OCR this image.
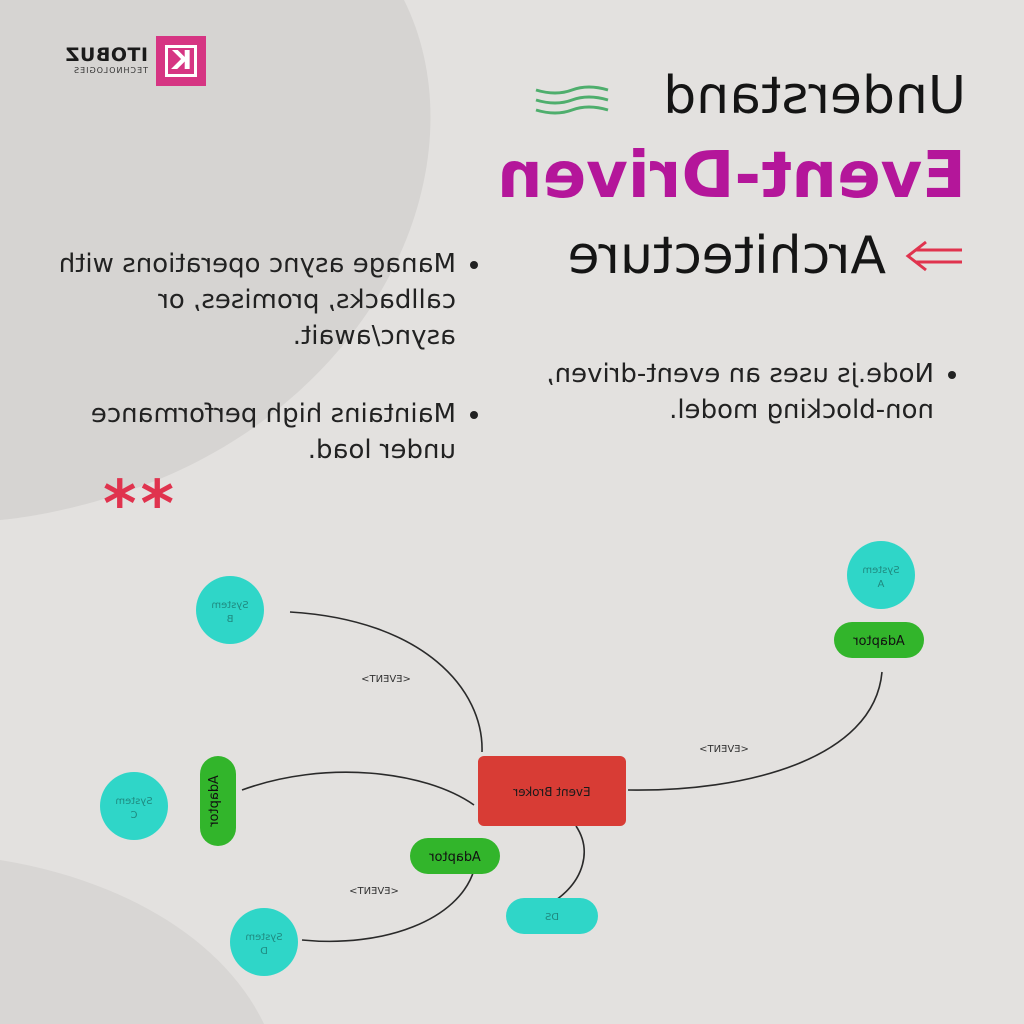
K
ITOBUZ
TECHNOLOGIES	Understand
Event-Driven
Architecture
• Manage async operations with callbacks, promises, or async/await.
• Node.js uses an event-driven, non-blocking model.
• Maintains high performance under load.
**
<EVENT>
<EVENT>
<EVENT>
Event Broker
System
A
Adaptor
System
B
System
C	Adaptor
Adaptor
System
D
DS
